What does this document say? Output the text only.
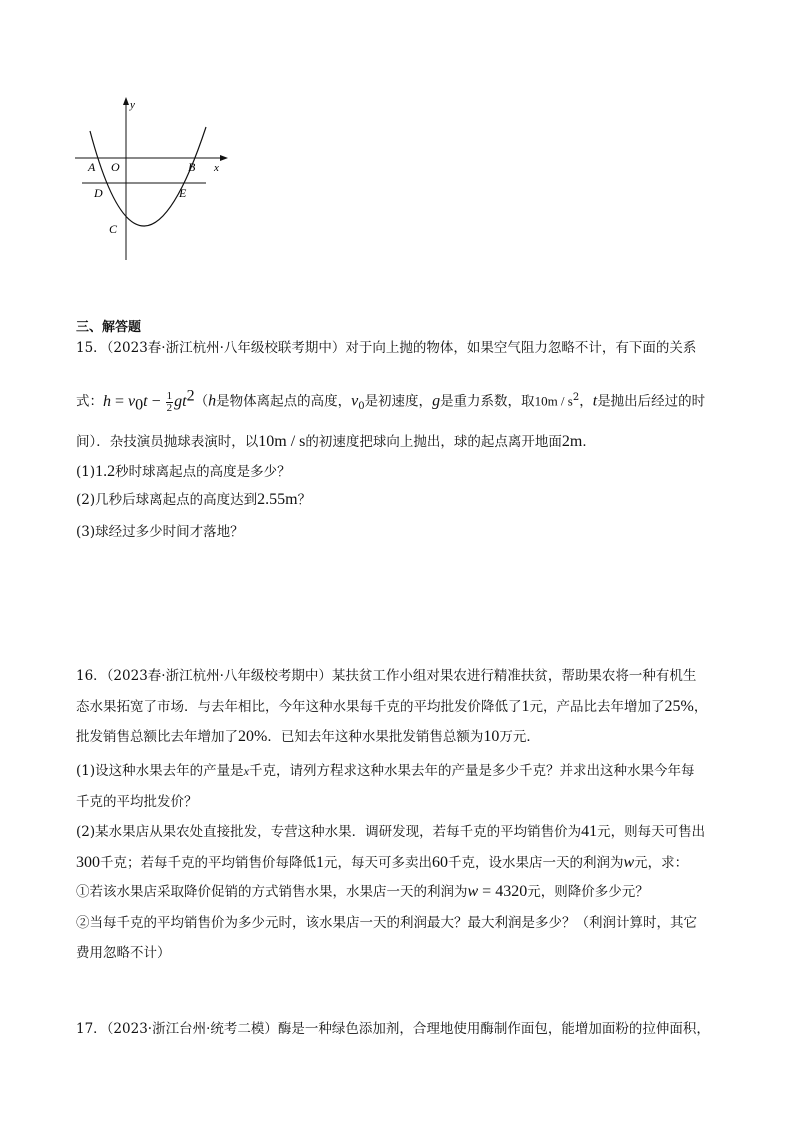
y
x
A O	B
D	E
C
三、解答题
15．（2023春·浙江杭州·八年级校联考期中）对于向上抛的物体，如果空气阻力忽略不计，有下面的关系
式：$h = v_0t - \frac{1}{2} gt^2(h$是物体离起点的高度，$v_0$是初速度，g是重力系数，取$10m / s^2$，t是抛出后经过的时
间）．杂技演员抛球表演时，以10m / s的初速度把球向上抛出，球的起点离开地面2m．
(1)1.2秒时球离起点的高度是多少？
(2)几秒后球离起点的高度达到2.55m？
(3)球经过多少时间才落地？
16．（2023春·浙江杭州·八年级校考期中）某扶贫工作小组对果农进行精准扶贫，帮助果农将一种有机生
态水果拓宽了市场．与去年相比，今年这种水果每千克的平均批发价降低了1元，产品比去年增加了25%，
批发销售总额比去年增加了20%．已知去年这种水果批发销售总额为10万元．
(1)设这种水果去年的产量是x千克，请列方程求这种水果去年的产量是多少千克？并求出这种水果今年每
千克的平均批发价？
(2)某水果店从果农处直接批发，专营这种水果．调研发现，若每千克的平均销售价为41元，则每天可售出
300千克；若每千克的平均销售价每降低1元，每天可多卖出60千克，设水果店一天的利润为w元，求：
①若该水果店采取降价促销的方式销售水果，水果店一天的利润为w = 4320元，则降价多少元？
②当每千克的平均销售价为多少元时，该水果店一天的利润最大？最大利润是多少？（利润计算时，其它
费用忽略不计）
17．（2023·浙江台州·统考二模）酶是一种绿色添加剂，合理地使用酶制作面包，能增加面粉的拉伸面积，
